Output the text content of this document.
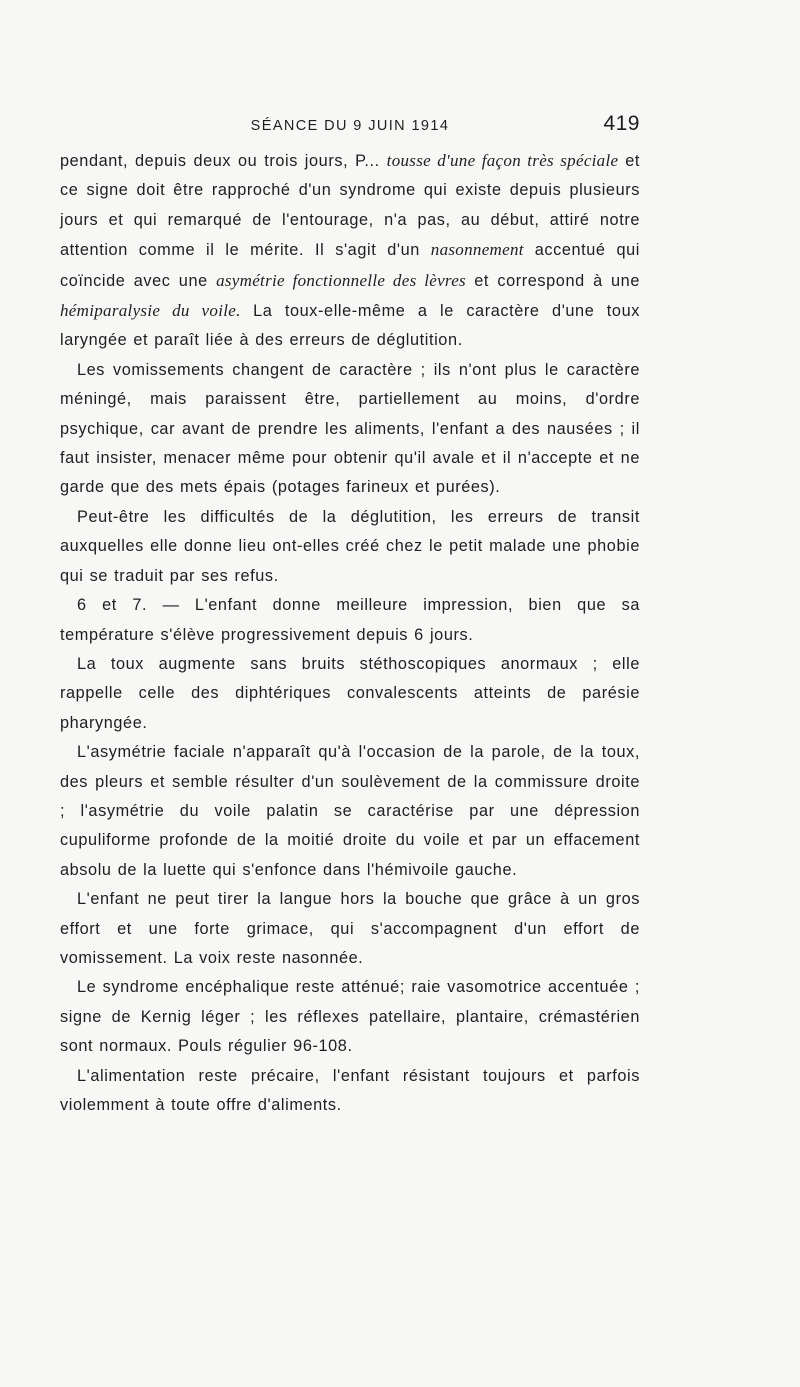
SÉANCE DU 9 JUIN 1914	419

pendant, depuis deux ou trois jours, P... tousse d'une façon très spéciale et ce signe doit être rapproché d'un syndrome qui existe depuis plusieurs jours et qui remarqué de l'entourage, n'a pas, au début, attiré notre attention comme il le mérite. Il s'agit d'un nasonnement accentué qui coïncide avec une asymétrie fonctionnelle des lèvres et correspond à une hémiparalysie du voile. La toux-elle-même a le caractère d'une toux laryngée et paraît liée à des erreurs de déglutition.

Les vomissements changent de caractère ; ils n'ont plus le caractère méningé, mais paraissent être, partiellement au moins, d'ordre psychique, car avant de prendre les aliments, l'enfant a des nausées ; il faut insister, menacer même pour obtenir qu'il avale et il n'accepte et ne garde que des mets épais (potages farineux et purées).

Peut-être les difficultés de la déglutition, les erreurs de transit auxquelles elle donne lieu ont-elles créé chez le petit malade une phobie qui se traduit par ses refus.

6 et 7. — L'enfant donne meilleure impression, bien que sa température s'élève progressivement depuis 6 jours.

La toux augmente sans bruits stéthoscopiques anormaux ; elle rappelle celle des diphtériques convalescents atteints de parésie pharyngée.

L'asymétrie faciale n'apparaît qu'à l'occasion de la parole, de la toux, des pleurs et semble résulter d'un soulèvement de la commissure droite ; l'asymétrie du voile palatin se caractérise par une dépression cupuliforme profonde de la moitié droite du voile et par un effacement absolu de la luette qui s'enfonce dans l'hémivoile gauche.

L'enfant ne peut tirer la langue hors la bouche que grâce à un gros effort et une forte grimace, qui s'accompagnent d'un effort de vomissement. La voix reste nasonnée.

Le syndrome encéphalique reste atténué; raie vasomotrice accentuée ; signe de Kernig léger ; les réflexes patellaire, plantaire, crémastérien sont normaux. Pouls régulier 96-108.

L'alimentation reste précaire, l'enfant résistant toujours et parfois violemment à toute offre d'aliments.
